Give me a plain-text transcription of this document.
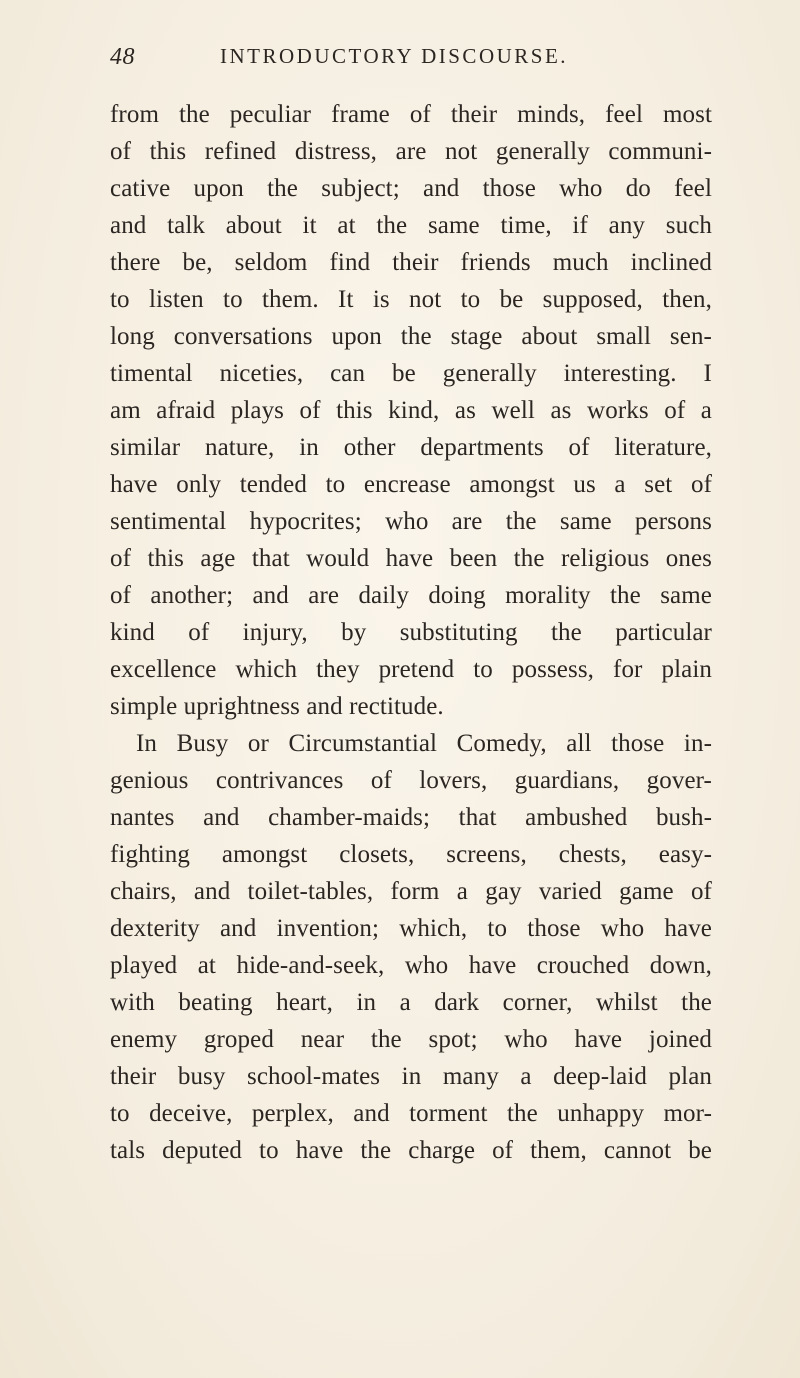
48	INTRODUCTORY DISCOURSE.
from the peculiar frame of their minds, feel most
of this refined distress, are not generally communi-
cative upon the subject; and those who do feel
and talk about it at the same time, if any such
there be, seldom find their friends much inclined
to listen to them. It is not to be supposed, then,
long conversations upon the stage about small sen-
timental niceties, can be generally interesting. I
am afraid plays of this kind, as well as works of a
similar nature, in other departments of literature,
have only tended to encrease amongst us a set of
sentimental hypocrites; who are the same persons
of this age that would have been the religious ones
of another; and are daily doing morality the same
kind of injury, by substituting the particular
excellence which they pretend to possess, for plain
simple uprightness and rectitude.
In Busy or Circumstantial Comedy, all those in-
genious contrivances of lovers, guardians, gover-
nantes and chamber-maids; that ambushed bush-
fighting amongst closets, screens, chests, easy-
chairs, and toilet-tables, form a gay varied game of
dexterity and invention; which, to those who have
played at hide-and-seek, who have crouched down,
with beating heart, in a dark corner, whilst the
enemy groped near the spot; who have joined
their busy school-mates in many a deep-laid plan
to deceive, perplex, and torment the unhappy mor-
tals deputed to have the charge of them, cannot be
